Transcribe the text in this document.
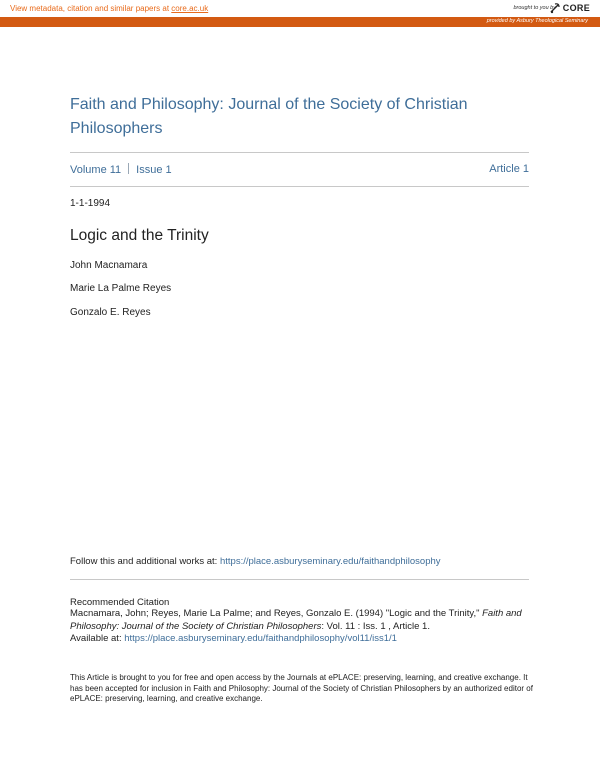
View metadata, citation and similar papers at core.ac.uk	brought to you by CORE
provided by Asbury Theological Seminary
Faith and Philosophy: Journal of the Society of Christian Philosophers
Volume 11 Issue 1	Article 1
1-1-1994
Logic and the Trinity
John Macnamara
Marie La Palme Reyes
Gonzalo E. Reyes
Follow this and additional works at: https://place.asburyseminary.edu/faithandphilosophy
Recommended Citation
Macnamara, John; Reyes, Marie La Palme; and Reyes, Gonzalo E. (1994) "Logic and the Trinity," Faith and Philosophy: Journal of the Society of Christian Philosophers: Vol. 11 : Iss. 1 , Article 1.
Available at: https://place.asburyseminary.edu/faithandphilosophy/vol11/iss1/1
This Article is brought to you for free and open access by the Journals at ePLACE: preserving, learning, and creative exchange. It has been accepted for inclusion in Faith and Philosophy: Journal of the Society of Christian Philosophers by an authorized editor of ePLACE: preserving, learning, and creative exchange.
